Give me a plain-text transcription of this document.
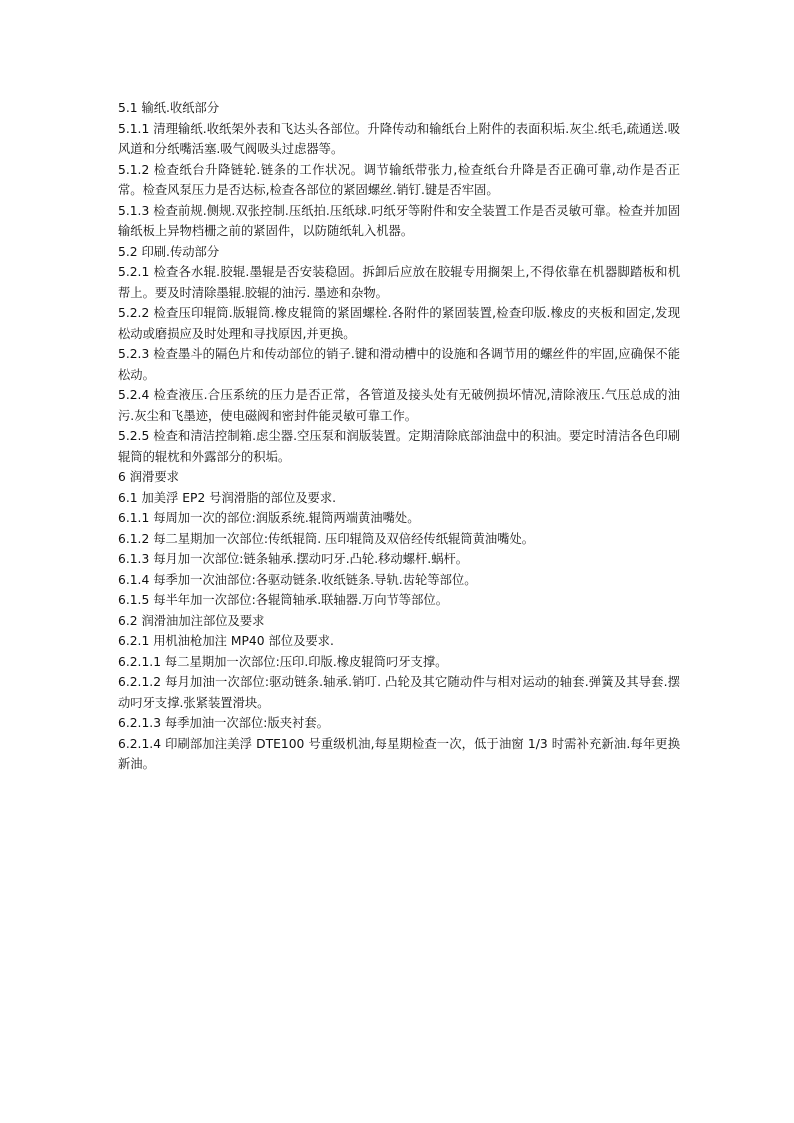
5.1 输纸.收纸部分

5.1.1 清理输纸.收纸架外表和飞达头各部位。升降传动和输纸台上附件的表面积垢.灰尘.纸毛,疏通送.吸风道和分纸嘴活塞.吸气阀吸头过虑器等。

5.1.2 检查纸台升降链轮.链条的工作状况。调节输纸带张力,检查纸台升降是否正确可靠,动作是否正常。检查风泵压力是否达标,检查各部位的紧固螺丝.销钉.键是否牢固。

5.1.3 检查前规.侧规.双张控制.压纸拍.压纸球.叼纸牙等附件和安全装置工作是否灵敏可靠。检查并加固输纸板上异物档栅之前的紧固件，以防随纸轧入机器。

5.2 印刷.传动部分

5.2.1 检查各水辊.胶辊.墨辊是否安装稳固。拆卸后应放在胶辊专用搁架上,不得依靠在机器脚踏板和机帮上。要及时清除墨辊.胶辊的油污. 墨迹和杂物。

5.2.2 检查压印辊筒.版辊筒.橡皮辊筒的紧固螺栓.各附件的紧固装置,检查印版.橡皮的夹板和固定,发现松动或磨损应及时处理和寻找原因,并更换。

5.2.3 检查墨斗的隔色片和传动部位的销子.键和滑动槽中的设施和各调节用的螺丝件的牢固,应确保不能松动。

5.2.4 检查液压.合压系统的压力是否正常，各管道及接头处有无破例损坏情况,清除液压.气压总成的油污.灰尘和飞墨迹，使电磁阀和密封件能灵敏可靠工作。

5.2.5 检查和清洁控制箱.虑尘器.空压泵和润版装置。定期清除底部油盘中的积油。要定时清洁各色印刷辊筒的辊枕和外露部分的积垢。

6 润滑要求

6.1 加美浮 EP2 号润滑脂的部位及要求.

6.1.1 每周加一次的部位:润版系统.辊筒两端黄油嘴处。

6.1.2 每二星期加一次部位:传纸辊筒. 压印辊筒及双倍经传纸辊筒黄油嘴处。

6.1.3 每月加一次部位:链条轴承.摆动叼牙.凸轮.移动螺杆.蜗杆。

6.1.4 每季加一次油部位:各驱动链条.收纸链条.导轨.齿轮等部位。

6.1.5 每半年加一次部位:各辊筒轴承.联轴器.万向节等部位。

6.2 润滑油加注部位及要求

6.2.1 用机油枪加注 MP40 部位及要求.

6.2.1.1 每二星期加一次部位:压印.印版.橡皮辊筒叼牙支撑。

6.2.1.2 每月加油一次部位:驱动链条.轴承.销叮. 凸轮及其它随动件与相对运动的轴套.弹簧及其导套.摆动叼牙支撑.张紧装置滑块。

6.2.1.3 每季加油一次部位:版夹衬套。

6.2.1.4 印刷部加注美浮 DTE100 号重级机油,每星期检查一次，低于油窗 1/3 时需补充新油.每年更换新油。
